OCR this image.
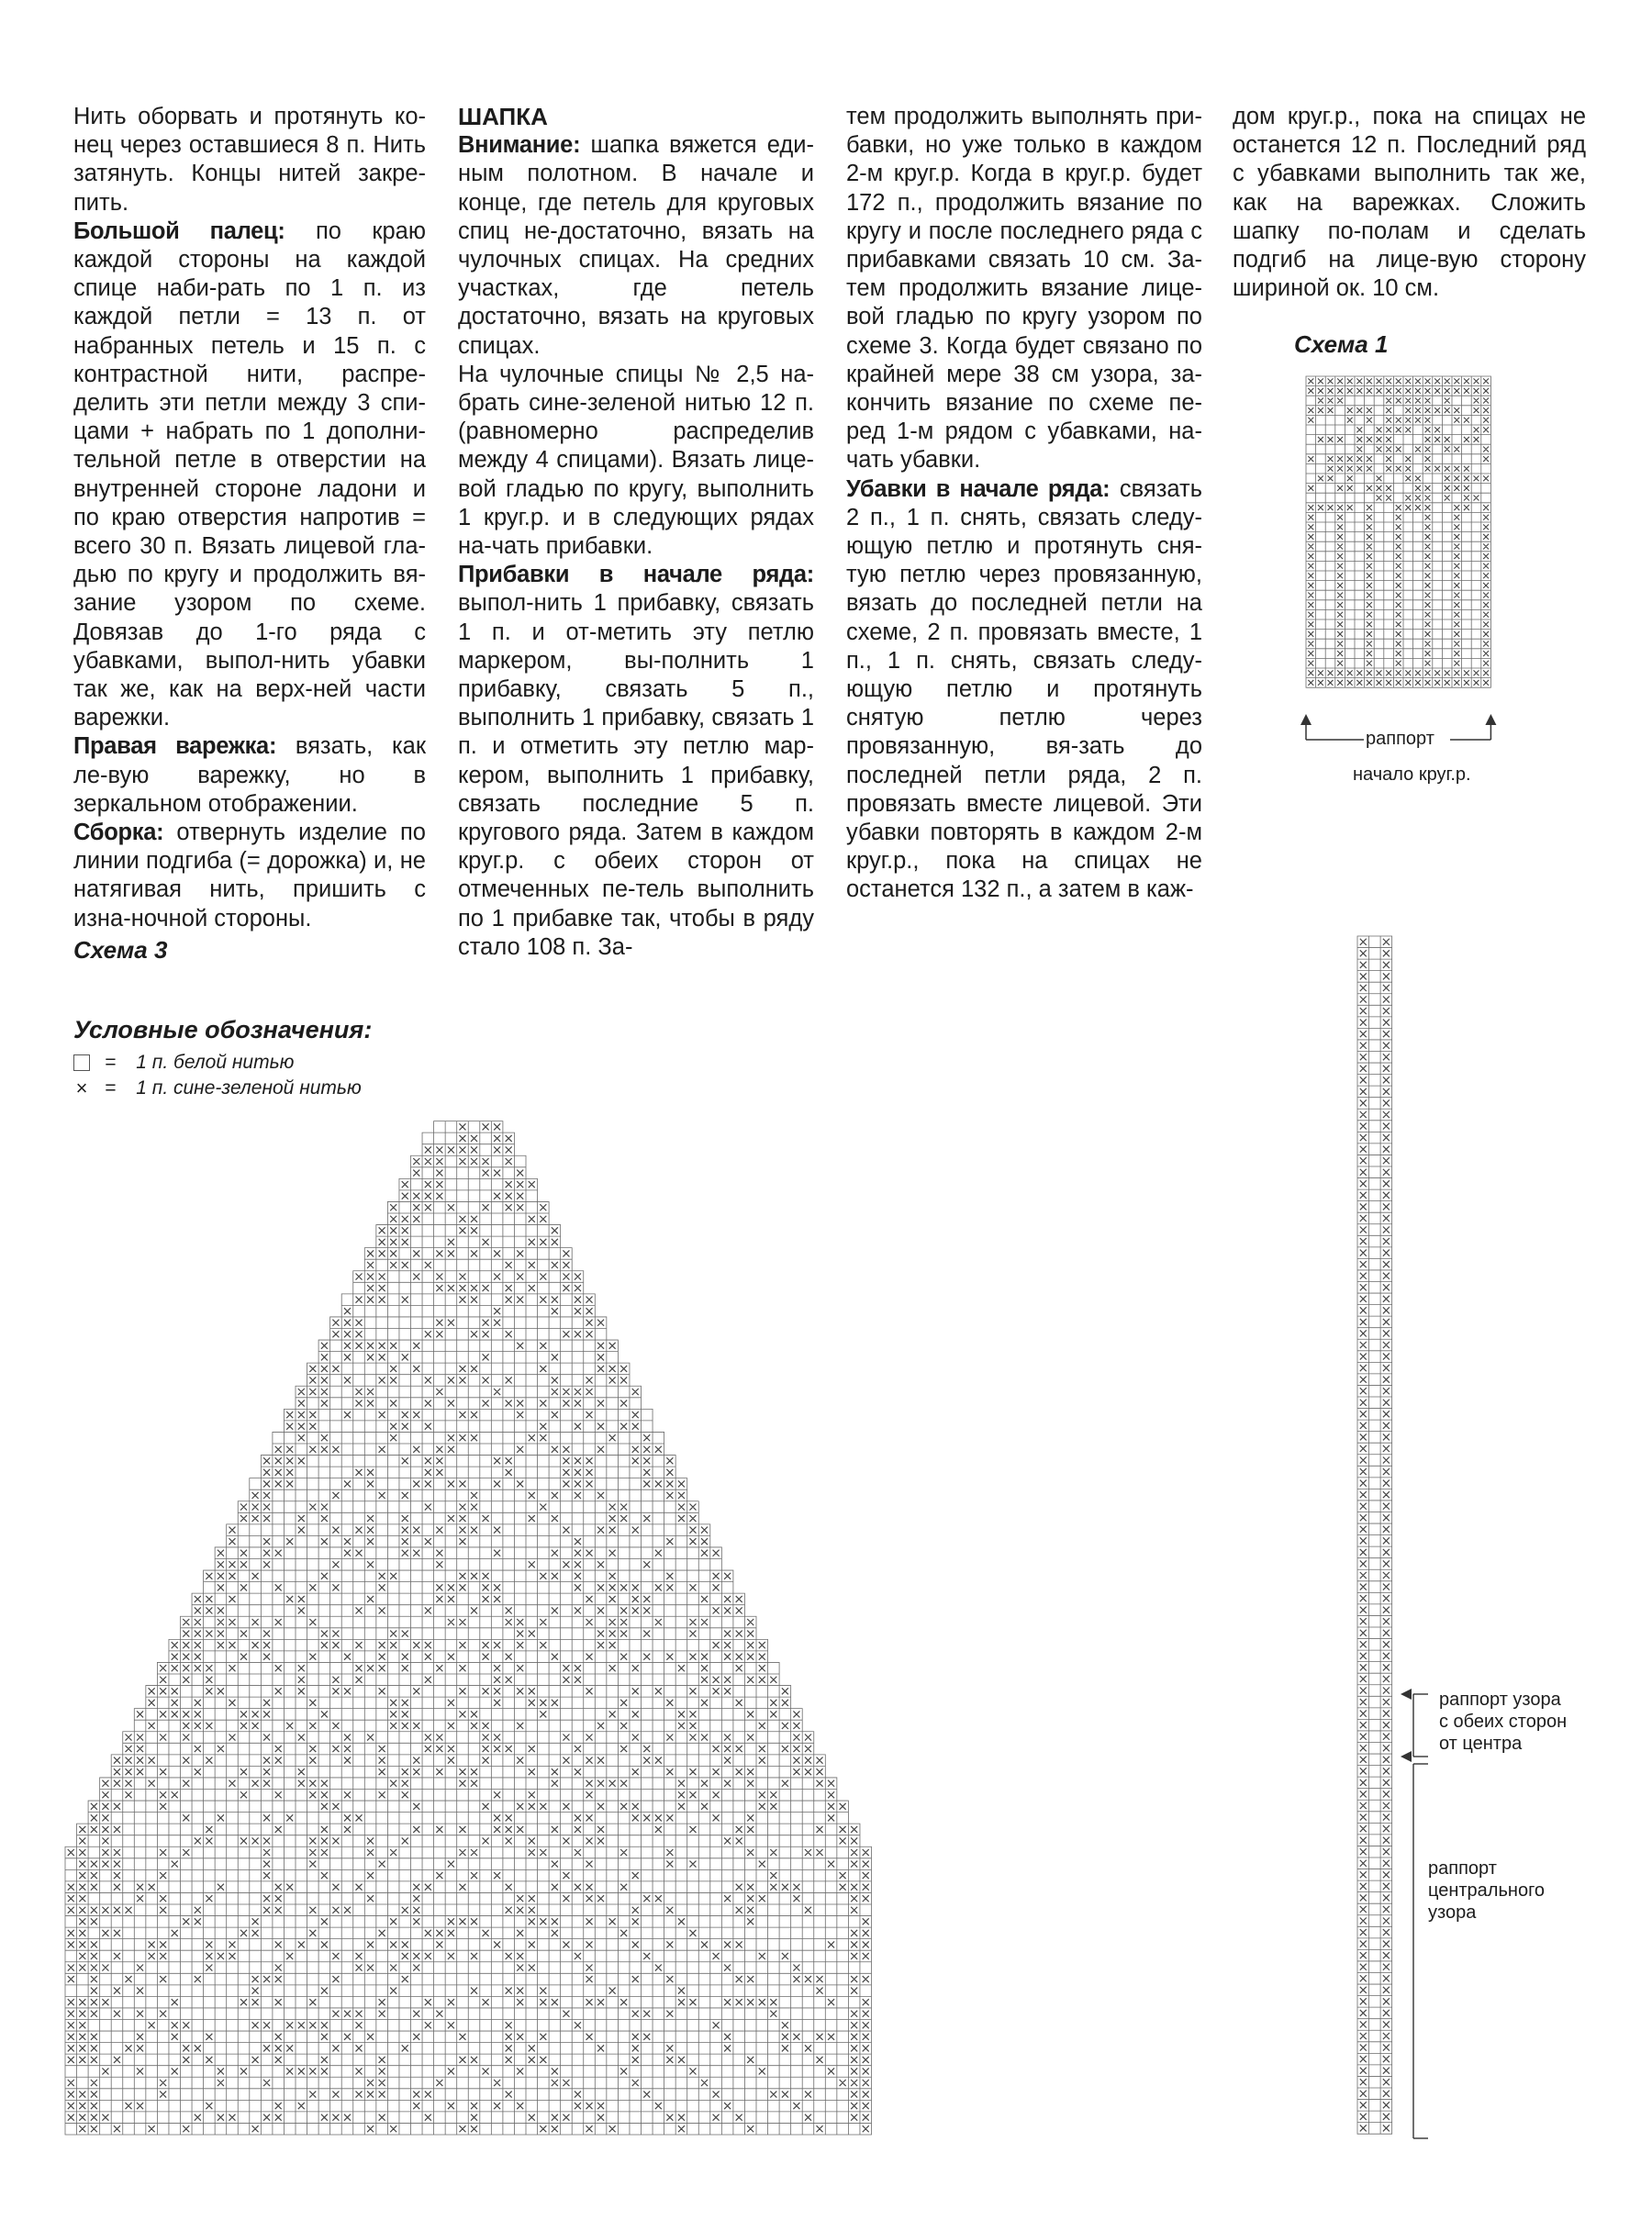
Нить оборвать и протянуть ко-нец через оставшиеся 8 п. Нить затянуть. Концы нитей закре-пить.

Большой палец: по краю каждой стороны на каждой спице наби-рать по 1 п. из каждой петли = 13 п. от набранных петель и 15 п. с контрастной нити, распре-делить эти петли между 3 спи-цами + набрать по 1 дополни-тельной петле в отверстии на внутренней стороне ладони и по краю отверстия напротив = всего 30 п. Вязать лицевой гла-дью по кругу и продолжить вя-зание узором по схеме. Довязав до 1-го ряда с убавками, выпол-нить убавки так же, как на верх-ней части варежки.

Правая варежка: вязать, как ле-вую варежку, но в зеркальном отображении.

Сборка: отвернуть изделие по линии подгиба (= дорожка) и, не натягивая нить, пришить с изна-ночной стороны.

ШАПКА

Внимание: шапка вяжется еди-ным полотном. В начале и конце, где петель для круговых спиц не-достаточно, вязать на чулочных спицах. На средних участках, где петель достаточно, вязать на круговых спицах.

На чулочные спицы № 2,5 на-брать сине-зеленой нитью 12 п. (равномерно распределив между 4 спицами). Вязать лице-вой гладью по кругу, выполнить 1 круг.р. и в следующих рядах на-чать прибавки.

Прибавки в начале ряда: выпол-нить 1 прибавку, связать 1 п. и от-метить эту петлю маркером, вы-полнить 1 прибавку, связать 5 п., выполнить 1 прибавку, связать 1 п. и отметить эту петлю мар-кером, выполнить 1 прибавку, связать последние 5 п. кругового ряда. Затем в каждом круг.р. с обеих сторон от отмеченных пе-тель выполнить по 1 прибавке так, чтобы в ряду стало 108 п. За-

тем продолжить выполнять при-бавки, но уже только в каждом 2-м круг.р. Когда в круг.р. будет 172 п., продолжить вязание по кругу и после последнего ряда с прибавками связать 10 см. За-тем продолжить вязание лице-вой гладью по кругу узором по схеме 3. Когда будет связано по крайней мере 38 см узора, за-кончить вязание по схеме пе-ред 1-м рядом с убавками, на-чать убавки.

Убавки в начале ряда: связать 2 п., 1 п. снять, связать следу-ющую петлю и протянуть сня-тую петлю через провязанную, вязать до последней петли на схеме, 2 п. провязать вместе, 1 п., 1 п. снять, связать следу-ющую петлю и протянуть снятую петлю через провязанную, вя-зать до последней петли ряда, 2 п. провязать вместе лицевой. Эти убавки повторять в каждом 2-м круг.р., пока на спицах не останется 132 п., а затем в каж-

дом круг.р., пока на спицах не останется 12 п. Последний ряд с убавками выполнить так же, как на варежках. Сложить шапку по-полам и сделать подгиб на лице-вую сторону шириной ок. 10 см.

Схема 1
раппорт
начало круг.р.
Схема 3
Условные обозначения:
= 1 п. белой нитью
× = 1 п. сине-зеленой нитью
раппорт узора
с обеих сторон
от центра
раппорт
центрального
узора
